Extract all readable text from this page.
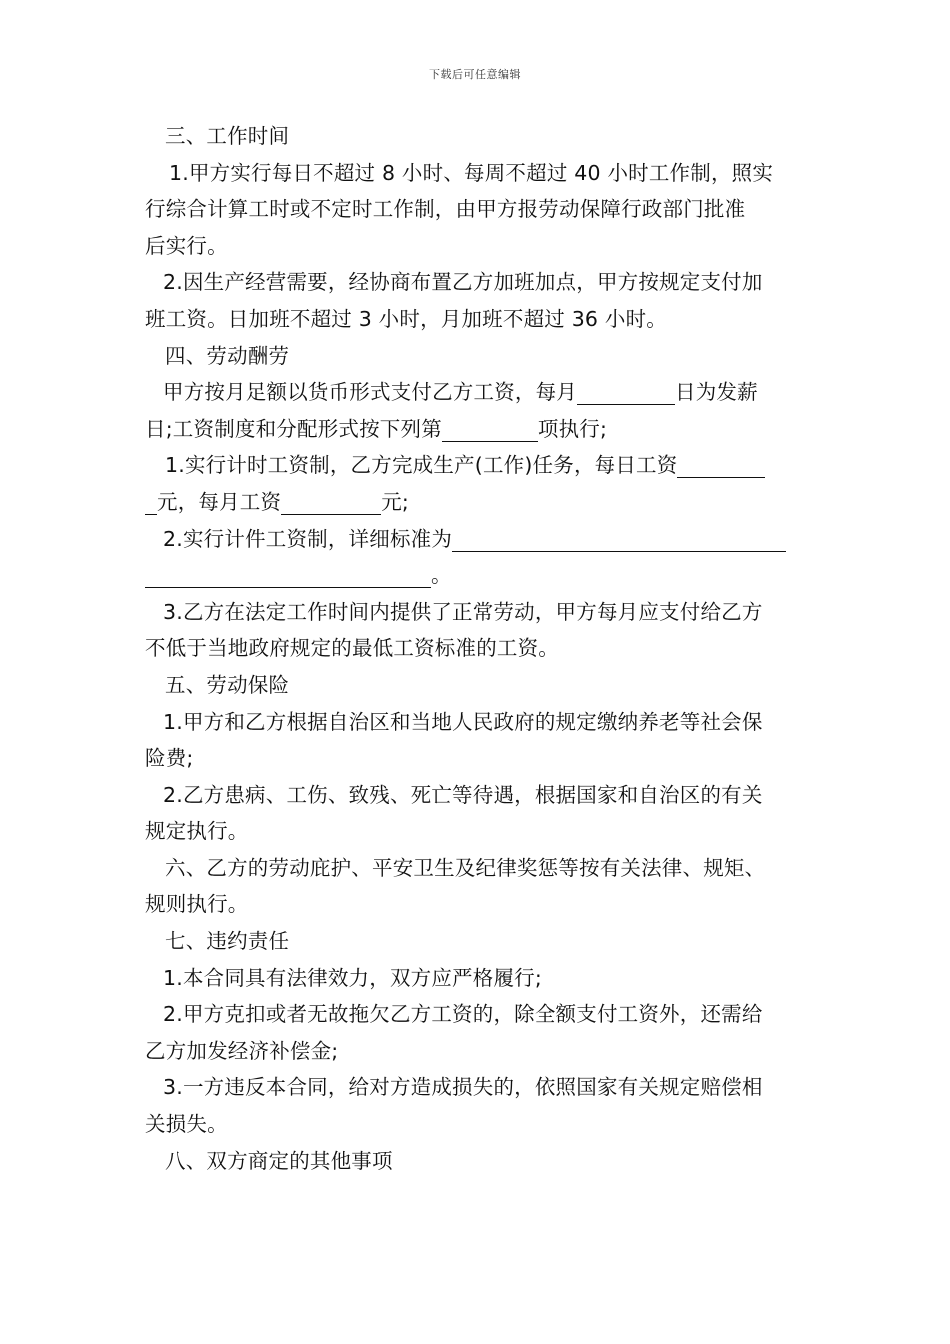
下载后可任意编辑
三、工作时间
1.甲方实行每日不超过 8 小时、每周不超过 40 小时工作制，照实
行综合计算工时或不定时工作制，由甲方报劳动保障行政部门批准
后实行。
2.因生产经营需要，经协商布置乙方加班加点，甲方按规定支付加
班工资。日加班不超过 3 小时，月加班不超过 36 小时。
四、劳动酬劳
甲方按月足额以货币形式支付乙方工资，每月	日为发薪
日;工资制度和分配形式按下列第	项执行;
1.实行计时工资制，乙方完成生产(工作)任务，每日工资
元，每月工资	元;
2.实行计件工资制，详细标准为
。
3.乙方在法定工作时间内提供了正常劳动，甲方每月应支付给乙方
不低于当地政府规定的最低工资标准的工资。
五、劳动保险
1.甲方和乙方根据自治区和当地人民政府的规定缴纳养老等社会保
险费;
2.乙方患病、工伤、致残、死亡等待遇，根据国家和自治区的有关
规定执行。
六、乙方的劳动庇护、平安卫生及纪律奖惩等按有关法律、规矩、
规则执行。
七、违约责任
1.本合同具有法律效力，双方应严格履行;
2.甲方克扣或者无故拖欠乙方工资的，除全额支付工资外，还需给
乙方加发经济补偿金;
3.一方违反本合同，给对方造成损失的，依照国家有关规定赔偿相
关损失。
八、双方商定的其他事项
